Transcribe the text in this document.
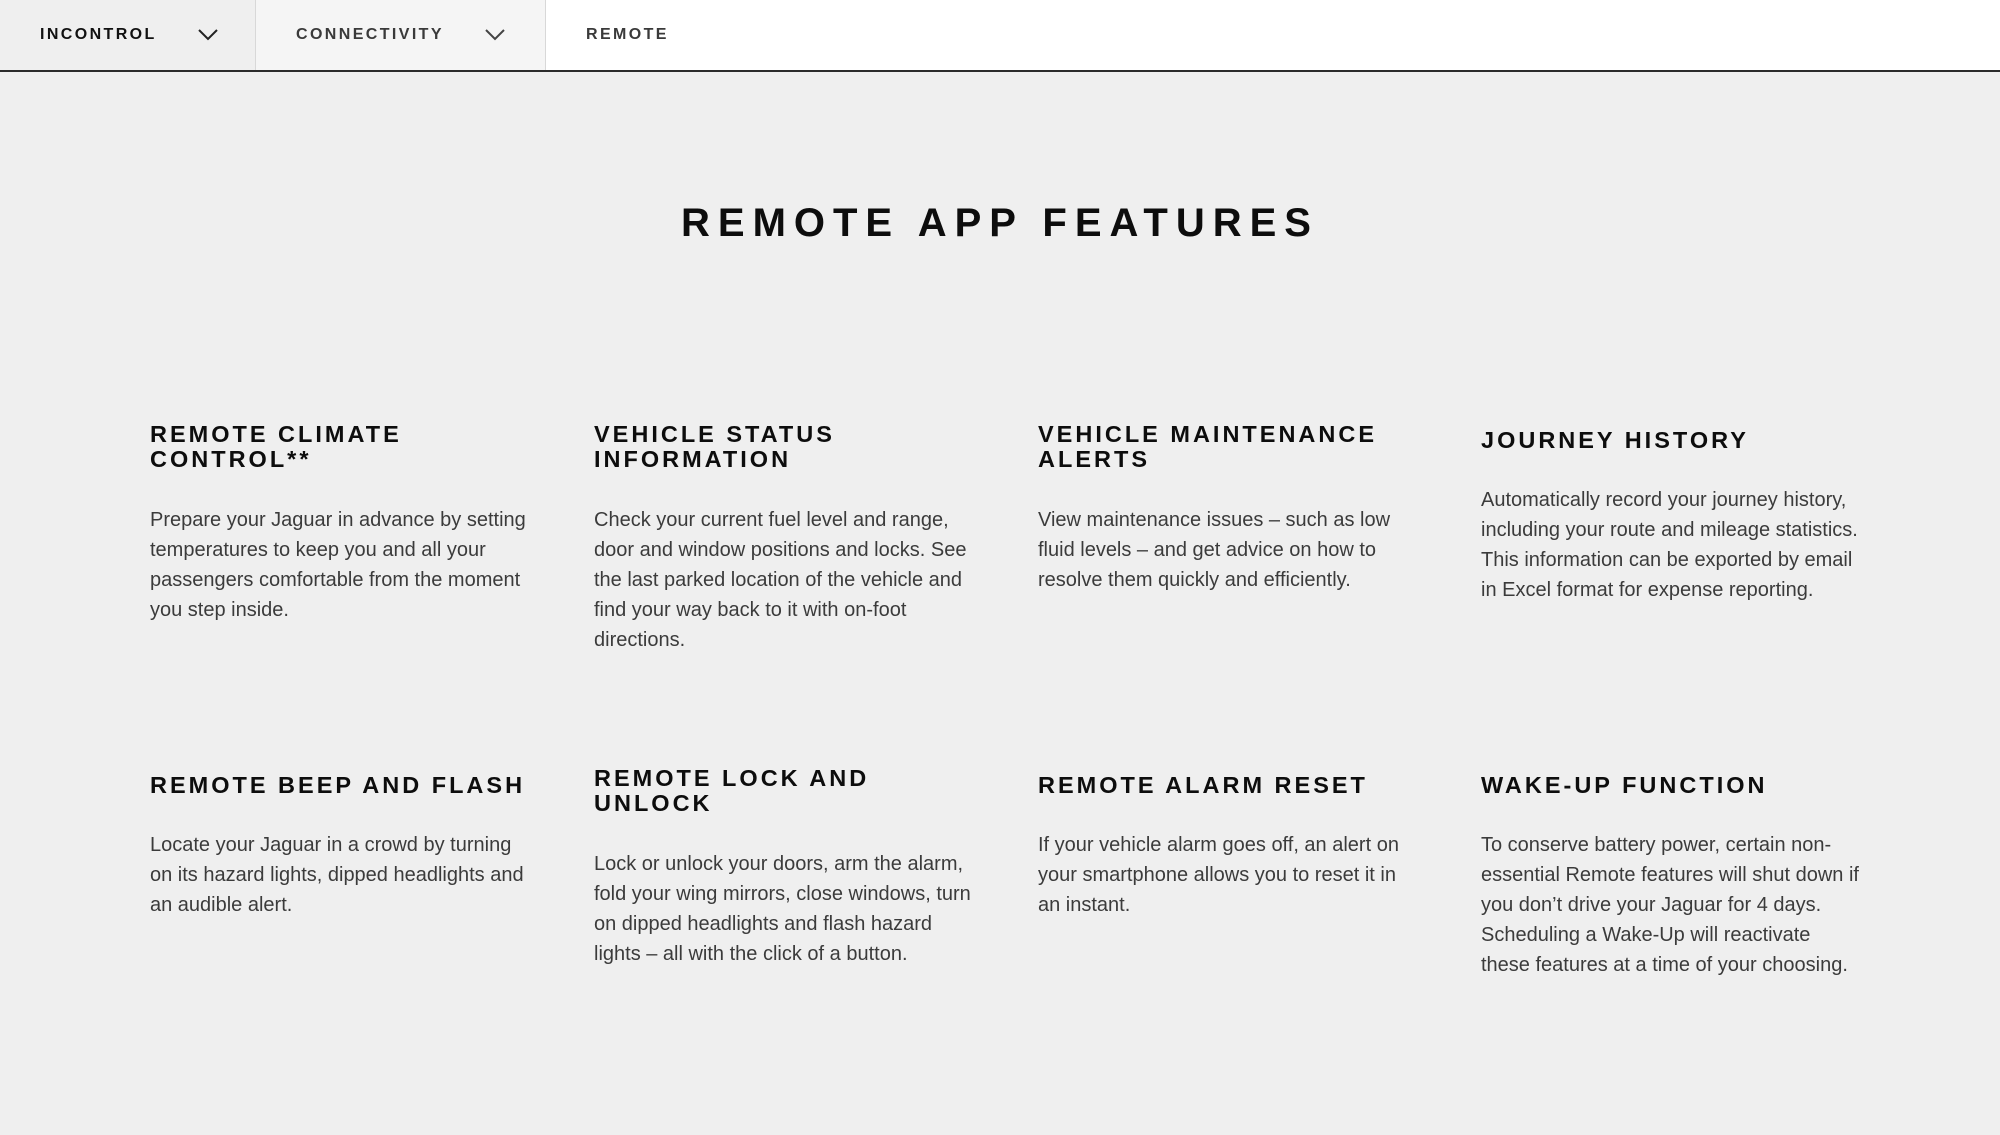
INCONTROL	CONNECTIVITY	REMOTE
REMOTE APP FEATURES
REMOTE CLIMATE CONTROL**

Prepare your Jaguar in advance by setting temperatures to keep you and all your passengers comfortable from the moment you step inside.

VEHICLE STATUS INFORMATION

Check your current fuel level and range, door and window positions and locks. See the last parked location of the vehicle and find your way back to it with on-foot directions.

VEHICLE MAINTENANCE ALERTS

View maintenance issues – such as low fluid levels – and get advice on how to resolve them quickly and efficiently.

JOURNEY HISTORY

Automatically record your journey history, including your route and mileage statistics. This information can be exported by email in Excel format for expense reporting.

REMOTE BEEP AND FLASH

Locate your Jaguar in a crowd by turning on its hazard lights, dipped headlights and an audible alert.

REMOTE LOCK AND UNLOCK

Lock or unlock your doors, arm the alarm, fold your wing mirrors, close windows, turn on dipped headlights and flash hazard lights – all with the click of a button.

REMOTE ALARM RESET

If your vehicle alarm goes off, an alert on your smartphone allows you to reset it in an instant.

WAKE-UP FUNCTION

To conserve battery power, certain non-essential Remote features will shut down if you don’t drive your Jaguar for 4 days. Scheduling a Wake-Up will reactivate these features at a time of your choosing.
